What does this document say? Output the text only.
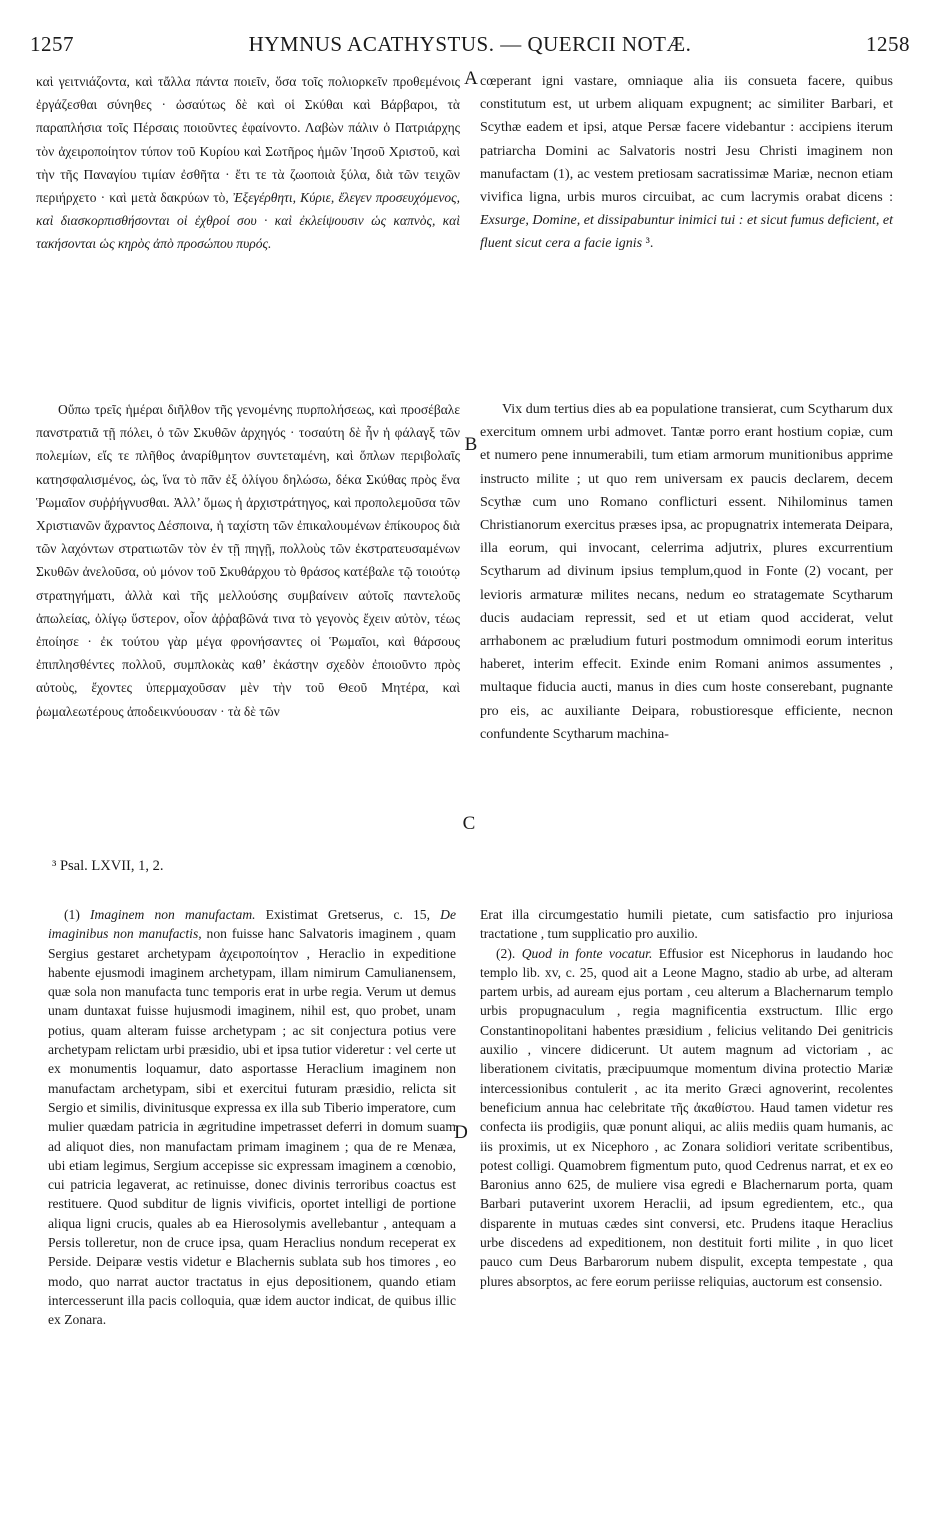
1257	HYMNUS ACATHYSTUS. — QUERCII NOTÆ.	1258

καὶ γειτνιάζοντα, καὶ τἄλλα πάντα ποιεῖν, ὅσα τοῖς πολιορκεῖν προθεμένοις ἐργάζεσθαι σύνηθες · ὡσαύτως δὲ καὶ οἱ Σκύθαι καὶ Βάρβαροι, τὰ παραπλήσια τοῖς Πέρσαις ποιοῦντες ἐφαίνοντο. Λαβὼν πάλιν ὁ Πατριάρχης τὸν ἀχειροποίητον τύπον τοῦ Κυρίου καὶ Σωτῆρος ἡμῶν Ἰησοῦ Χριστοῦ, καὶ τὴν τῆς Παναγίου τιμίαν ἐσθῆτα · ἔτι τε τὰ ζωοποιὰ ξύλα, διὰ τῶν τειχῶν περιήρχετο · καὶ μετὰ δακρύων τὸ, Ἐξεγέρθητι, Κύριε, ἔλεγεν προσευχόμενος, καὶ διασκορπισθήσονται οἱ ἐχθροί σου · καὶ ἐκλείψουσιν ὡς καπνὸς, καὶ τακήσονται ὡς κηρὸς ἀπὸ προσώπου πυρός.

cœperant igni vastare, omniaque alia iis consueta facere, quibus constitutum est, ut urbem aliquam expugnent; ac similiter Barbari, et Scythæ eadem et ipsi, atque Persæ facere videbantur : accipiens iterum patriarcha Domini ac Salvatoris nostri Jesu Christi imaginem non manufactam (1), ac vestem pretiosam sacratissimæ Mariæ, necnon etiam vivifica ligna, urbis muros circuibat, ac cum lacrymis orabat dicens : Exsurge, Domine, et dissipabuntur inimici tui : et sicut fumus deficient, et fluent sicut cera a facie ignis ³.

Οὔπω τρεῖς ἡμέραι διῆλθον τῆς γενομένης πυρπολήσεως, καὶ προσέβαλε πανστρατιᾶ τῇ πόλει, ὁ τῶν Σκυθῶν ἀρχηγός · τοσαύτη δὲ ἦν ἡ φάλαγξ τῶν πολεμίων, εἴς τε πλῆθος ἀναρίθμητον συντεταμένη, καὶ ὅπλων περιβολαῖς κατησφαλισμένος, ὡς, ἵνα τὸ πᾶν ἐξ ὀλίγου δηλώσω, δέκα Σκύθας πρὸς ἕνα Ῥωμαῖον συῤῥήγνυσθαι. Ἀλλ’ ὅμως ἡ ἀρχιστράτηγος, καὶ προπολεμοῦσα τῶν Χριστιανῶν ἄχραντος Δέσποινα, ἡ ταχίστη τῶν ἐπικαλουμένων ἐπίκουρος διὰ τῶν λαχόντων στρατιωτῶν τὸν ἐν τῇ πηγῇ, πολλοὺς τῶν ἐκστρατευσαμένων Σκυθῶν ἀνελοῦσα, οὐ μόνον τοῦ Σκυθάρχου τὸ θράσος κατέβαλε τῷ τοιούτῳ στρατηγήματι, ἀλλὰ καὶ τῆς μελλούσης συμβαίνειν αὐτοῖς παντελοῦς ἀπωλείας, ὀλίγῳ ὕστερον, οἷον ἀῤῥαβῶνά τινα τὸ γεγονὸς ἔχειν αὐτὸν, τέως ἐποίησε · ἐκ τούτου γὰρ μέγα φρονήσαντες οἱ Ῥωμαῖοι, καὶ θάρσους ἐπιπλησθέντες πολλοῦ, συμπλοκὰς καθ’ ἑκάστην σχεδὸν ἐποιοῦντο πρὸς αὐτοὺς, ἔχοντες ὑπερμαχοῦσαν μὲν τὴν τοῦ Θεοῦ Μητέρα, καὶ ῥωμαλεωτέρους ἀποδεικνύουσαν · τὰ δὲ τῶν

Vix dum tertius dies ab ea populatione transierat, cum Scytharum dux exercitum omnem urbi admovet. Tantæ porro erant hostium copiæ, cum et numero pene innumerabili, tum etiam armorum munitionibus apprime instructo milite ; ut quo rem universam ex paucis declarem, decem Scythæ cum uno Romano conflicturi essent. Nihilominus tamen Christianorum exercitus præses ipsa, ac propugnatrix intemerata Deipara, illa eorum, qui invocant, celerrima adjutrix, plures excurrentium Scytharum ad divinum ipsius templum,quod in Fonte (2) vocant, per levioris armaturæ milites necans, nedum eo stratagemate Scytharum ducis audaciam repressit, sed et ut etiam quod acciderat, velut arrhabonem ac præludium futuri postmodum omnimodi eorum interitus haberet, interim effecit. Exinde enim Romani animos assumentes , multaque fiducia aucti, manus in dies cum hoste conserebant, pugnante pro eis, ac auxiliante Deipara, robustioresque efficiente, necnon confundente Scytharum machina-

A
B
C
D
³ Psal. LXVII, 1, 2.
(1) Imaginem non manufactam. Existimat Gretserus, c. 15, De imaginibus non manufactis, non fuisse hanc Salvatoris imaginem , quam Sergius gestaret archetypam ἀχειροποίητον , Heraclio in expeditione habente ejusmodi imaginem archetypam, illam nimirum Camulianensem, quæ sola non manufacta tunc temporis erat in urbe regia. Verum ut demus unam duntaxat fuisse hujusmodi imaginem, nihil est, quo probet, unam potius, quam alteram fuisse archetypam ; ac sit conjectura potius vere archetypam relictam urbi præsidio, ubi et ipsa tutior videretur : vel certe ut ex monumentis loquamur, dato asportasse Heraclium imaginem non manufactam archetypam, sibi et exercitui futuram præsidio, relicta sit Sergio et similis, divinitusque expressa ex illa sub Tiberio imperatore, cum mulier quædam patricia in ægritudine impetrasset deferri in domum suam ad aliquot dies, non manufactam primam imaginem ; qua de re Menæa, ubi etiam legimus, Sergium accepisse sic expressam imaginem a cœnobio, cui patricia legaverat, ac retinuisse, donec divinis terroribus coactus est restituere. Quod subditur de lignis vivificis, oportet intelligi de portione aliqua ligni crucis, quales ab ea Hierosolymis avellebantur , antequam a Persis tolleretur, non de cruce ipsa, quam Heraclius nondum receperat ex Perside. Deiparæ vestis videtur e Blachernis sublata sub hos timores , eo modo, quo narrat auctor tractatus in ejus depositionem, quando etiam intercesserunt illa pacis colloquia, quæ idem auctor indicat, de quibus illic ex Zonara.

Erat illa circumgestatio humili pietate, cum satisfactio pro injuriosa tractatione , tum supplicatio pro auxilio.

(2). Quod in fonte vocatur. Effusior est Nicephorus in laudando hoc templo lib. xv, c. 25, quod ait a Leone Magno, stadio ab urbe, ad alteram partem urbis, ad auream ejus portam , ceu alterum a Blachernarum templo urbis propugnaculum , regia magnificentia exstructum. Illic ergo Constantinopolitani habentes præsidium , felicius velitando Dei genitricis auxilio , vincere didicerunt. Ut autem magnum ad victoriam , ac liberationem civitatis, præcipuumque momentum divina protectio Mariæ intercessionibus contulerit , ac ita merito Græci agnoverint, recolentes beneficium annua hac celebritate τῆς ἀκαθίστου. Haud tamen videtur res confecta iis prodigiis, quæ ponunt aliqui, ac aliis mediis quam humanis, ac iis proximis, ut ex Nicephoro , ac Zonara solidiori veritate scribentibus, potest colligi. Quamobrem figmentum puto, quod Cedrenus narrat, et ex eo Baronius anno 625, de muliere visa egredi e Blachernarum porta, quam Barbari putaverint uxorem Heraclii, ad ipsum egredientem, etc., qua disparente in mutuas cædes sint conversi, etc. Prudens itaque Heraclius urbe discedens ad expeditionem, non destituit forti milite , in quo licet pauco cum Deus Barbarorum nubem dispulit, excepta tempestate , qua plures absorptos, ac fere eorum periisse reliquias, auctorum est consensio.
